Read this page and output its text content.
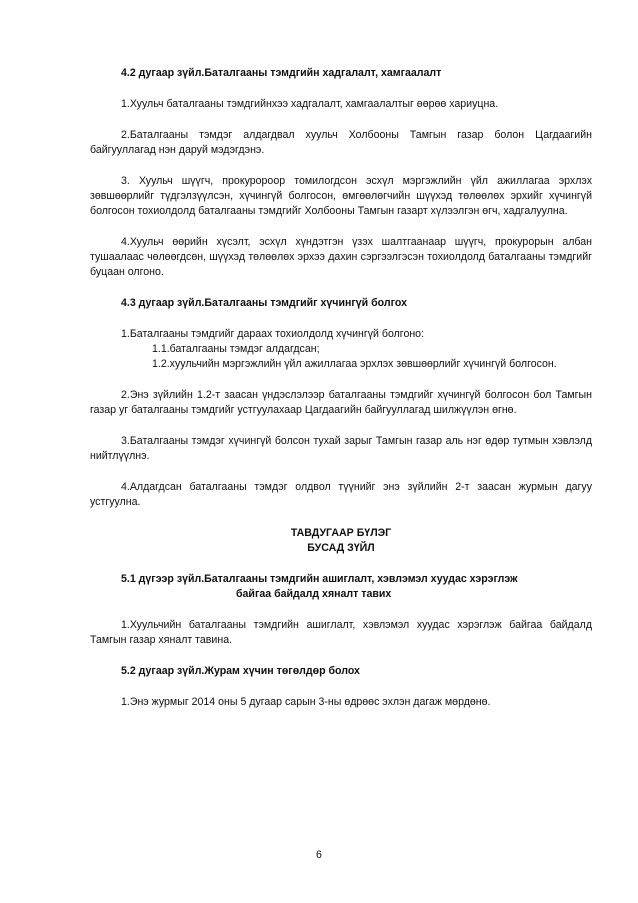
4.2 дугаар зүйл.Баталгааны тэмдгийн хадгалалт, хамгаалалт

1.Хуульч баталгааны тэмдгийнхээ хадгалалт, хамгаалалтыг өөрөө хариуцна.

2.Баталгааны тэмдэг алдагдвал хуульч Холбооны Тамгын газар болон Цагдаагийн байгууллагад нэн даруй мэдэгдэнэ.

3. Хуульч шүүгч, прокуророор томилогдсон эсхүл мэргэжлийн үйл ажиллагаа эрхлэх зөвшөөрлийг түдгэлзүүлсэн, хүчингүй болгосон, өмгөөлөгчийн шүүхэд төлөөлөх эрхийг хүчингүй болгосон тохиолдолд баталгааны тэмдгийг Холбооны Тамгын газарт хүлээлгэн өгч, хадгалуулна.

4.Хуульч өөрийн хүсэлт, эсхүл хүндэтгэн үзэх шалтгаанаар шүүгч, прокурорын албан тушаалаас чөлөөгдсөн, шүүхэд төлөөлөх эрхээ дахин сэргээлгэсэн тохиолдолд баталгааны тэмдгийг буцаан олгоно.

4.3 дугаар зүйл.Баталгааны тэмдгийг хүчингүй болгох

1.Баталгааны тэмдгийг дараах тохиолдолд хүчингүй болгоно:

1.1.баталгааны тэмдэг алдагдсан;

1.2.хуульчийн мэргэжлийн үйл ажиллагаа эрхлэх зөвшөөрлийг хүчингүй болгосон.

2.Энэ зүйлийн 1.2-т заасан үндэслэлээр баталгааны тэмдгийг хүчингүй болгосон бол Тамгын газар уг баталгааны тэмдгийг устгуулахаар Цагдаагийн байгууллагад шилжүүлэн өгнө.

3.Баталгааны тэмдэг хүчингүй болсон тухай зарыг Тамгын газар аль нэг өдөр тутмын хэвлэлд нийтлүүлнэ.

4.Алдагдсан баталгааны тэмдэг олдвол түүнийг энэ зүйлийн 2-т заасан журмын дагуу устгуулна.

ТАВДУГААР БҮЛЭГ

БУСАД ЗҮЙЛ

5.1 дүгээр зүйл.Баталгааны тэмдгийн ашиглалт, хэвлэмэл хуудас хэрэглэж
байгаа байдалд хяналт тавих

1.Хуульчийн баталгааны тэмдгийн ашиглалт, хэвлэмэл хуудас хэрэглэж байгаа байдалд Тамгын газар хяналт тавина.

5.2 дугаар зүйл.Журам хүчин төгөлдөр болох

1.Энэ журмыг 2014 оны 5 дугаар сарын 3-ны өдрөөс эхлэн дагаж мөрдөнө.

6
